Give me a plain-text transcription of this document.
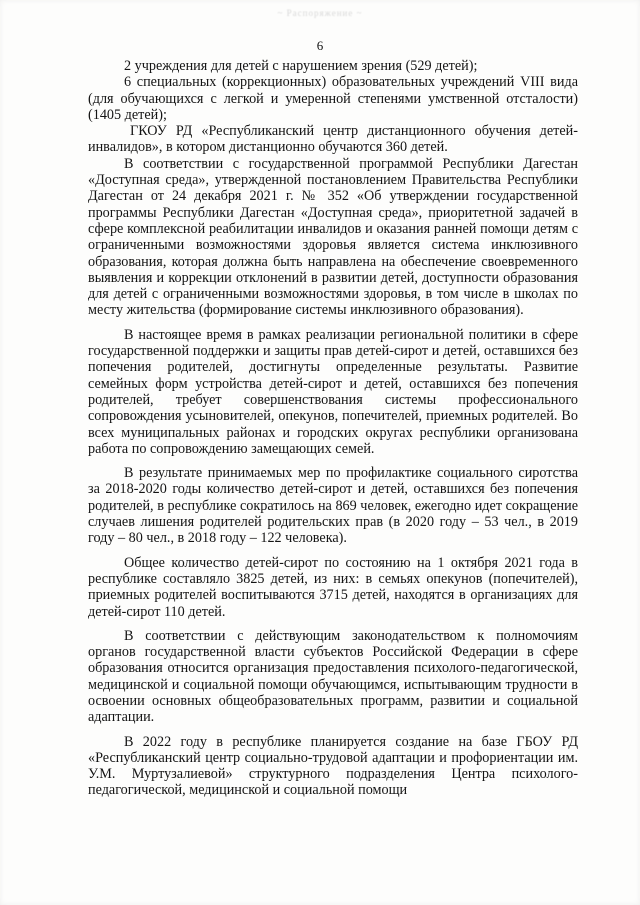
~ Распоряжение ~
6

2 учреждения для детей с нарушением зрения (529 детей);

6 специальных (коррекционных) образовательных учреждений VIII вида (для обучающихся с легкой и умеренной степенями умственной отсталости) (1405 детей);

ГКОУ РД «Республиканский центр дистанционного обучения детей-инвалидов», в котором дистанционно обучаются 360 детей.

В соответствии с государственной программой Республики Дагестан «Доступная среда», утвержденной постановлением Правительства Республики Дагестан от 24 декабря 2021 г. № 352 «Об утверждении государственной программы Республики Дагестан «Доступная среда», приоритетной задачей в сфере комплексной реабилитации инвалидов и оказания ранней помощи детям с ограниченными возможностями здоровья является система инклюзивного образования, которая должна быть направлена на обеспечение своевременного выявления и коррекции отклонений в развитии детей, доступности образования для детей с ограниченными возможностями здоровья, в том числе в школах по месту жительства (формирование системы инклюзивного образования).

В настоящее время в рамках реализации региональной политики в сфере государственной поддержки и защиты прав детей-сирот и детей, оставшихся без попечения родителей, достигнуты определенные результаты. Развитие семейных форм устройства детей-сирот и детей, оставшихся без попечения родителей, требует совершенствования системы профессионального сопровождения усыновителей, опекунов, попечителей, приемных родителей. Во всех муниципальных районах и городских округах республики организована работа по сопровождению замещающих семей.

В результате принимаемых мер по профилактике социального сиротства за 2018-2020 годы количество детей-сирот и детей, оставшихся без попечения родителей, в республике сократилось на 869 человек, ежегодно идет сокращение случаев лишения родителей родительских прав (в 2020 году – 53 чел., в 2019 году – 80 чел., в 2018 году – 122 человека).

Общее количество детей-сирот по состоянию на 1 октября 2021 года в республике составляло 3825 детей, из них: в семьях опекунов (попечителей), приемных родителей воспитываются 3715 детей, находятся в организациях для детей-сирот 110 детей.

В соответствии с действующим законодательством к полномочиям органов государственной власти субъектов Российской Федерации в сфере образования относится организация предоставления психолого-педагогической, медицинской и социальной помощи обучающимся, испытывающим трудности в освоении основных общеобразовательных программ, развитии и социальной адаптации.

В 2022 году в республике планируется создание на базе ГБОУ РД «Республиканский центр социально-трудовой адаптации и профориентации им. У.М. Муртузалиевой» структурного подразделения Центра психолого-педагогической, медицинской и социальной помощи
